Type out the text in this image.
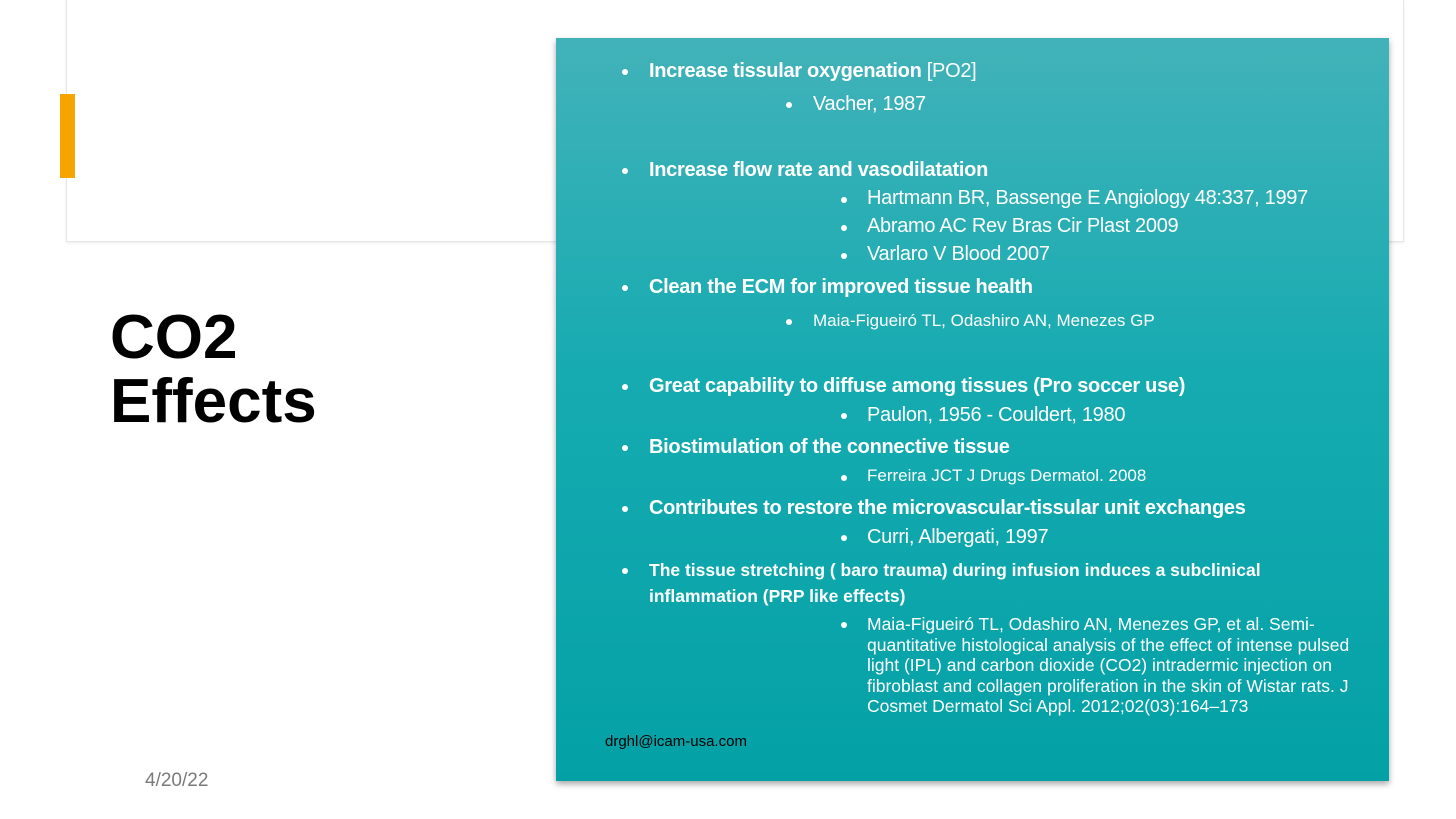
CO2
Effects
4/20/22
Increase tissular oxygenation [PO2]
Vacher, 1987
Increase flow rate and vasodilatation
Hartmann BR, Bassenge E Angiology 48:337, 1997
Abramo AC Rev Bras Cir Plast 2009
Varlaro V Blood 2007
Clean the ECM for improved tissue health
Maia-Figueiró TL, Odashiro AN, Menezes GP
Great capability to diffuse among tissues (Pro soccer use)
Paulon, 1956 - Couldert, 1980
Biostimulation of the connective tissue
Ferreira JCT J Drugs Dermatol. 2008
Contributes to restore the microvascular-tissular unit exchanges
Curri, Albergati, 1997
The tissue stretching ( baro trauma) during infusion induces a subclinical inflammation (PRP like effects)
Maia-Figueiró TL, Odashiro AN, Menezes GP, et al. Semi-quantitative histological analysis of the effect of intense pulsed light (IPL) and carbon dioxide (CO2) intradermic injection on fibroblast and collagen proliferation in the skin of Wistar rats. J Cosmet Dermatol Sci Appl. 2012;02(03):164–173
drghl@icam-usa.com
